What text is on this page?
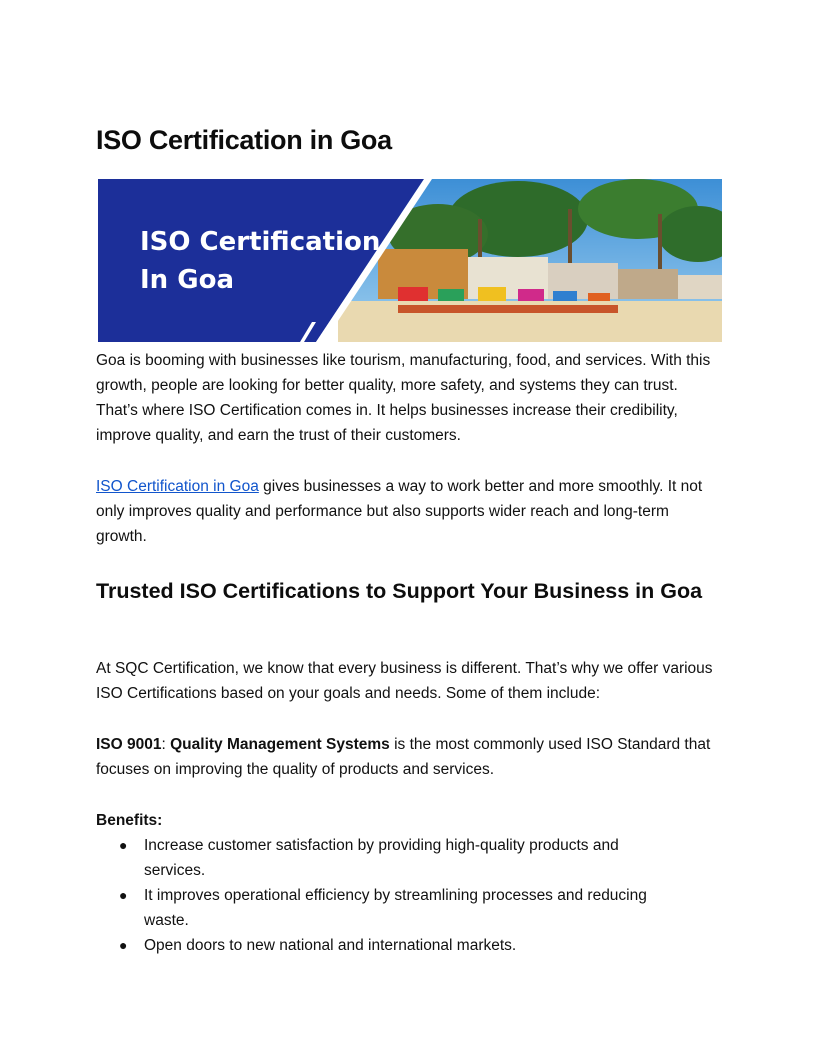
ISO Certification in Goa
ISO Certification
In Goa

Goa is booming with businesses like tourism, manufacturing, food, and services. With this growth, people are looking for better quality, more safety, and systems they can trust. That’s where ISO Certification comes in. It helps businesses increase their credibility, improve quality, and earn the trust of their customers.

ISO Certification in Goa gives businesses a way to work better and more smoothly. It not only improves quality and performance but also supports wider reach and long-term growth.

Trusted ISO Certifications to Support Your Business in Goa

At SQC Certification, we know that every business is different. That’s why we offer various ISO Certifications based on your goals and needs. Some of them include:

ISO 9001: Quality Management Systems is the most commonly used ISO Standard that focuses on improving the quality of products and services.

Benefits:

● Increase customer satisfaction by providing high-quality products and services.
● It improves operational efficiency by streamlining processes and reducing waste.
● Open doors to new national and international markets.
